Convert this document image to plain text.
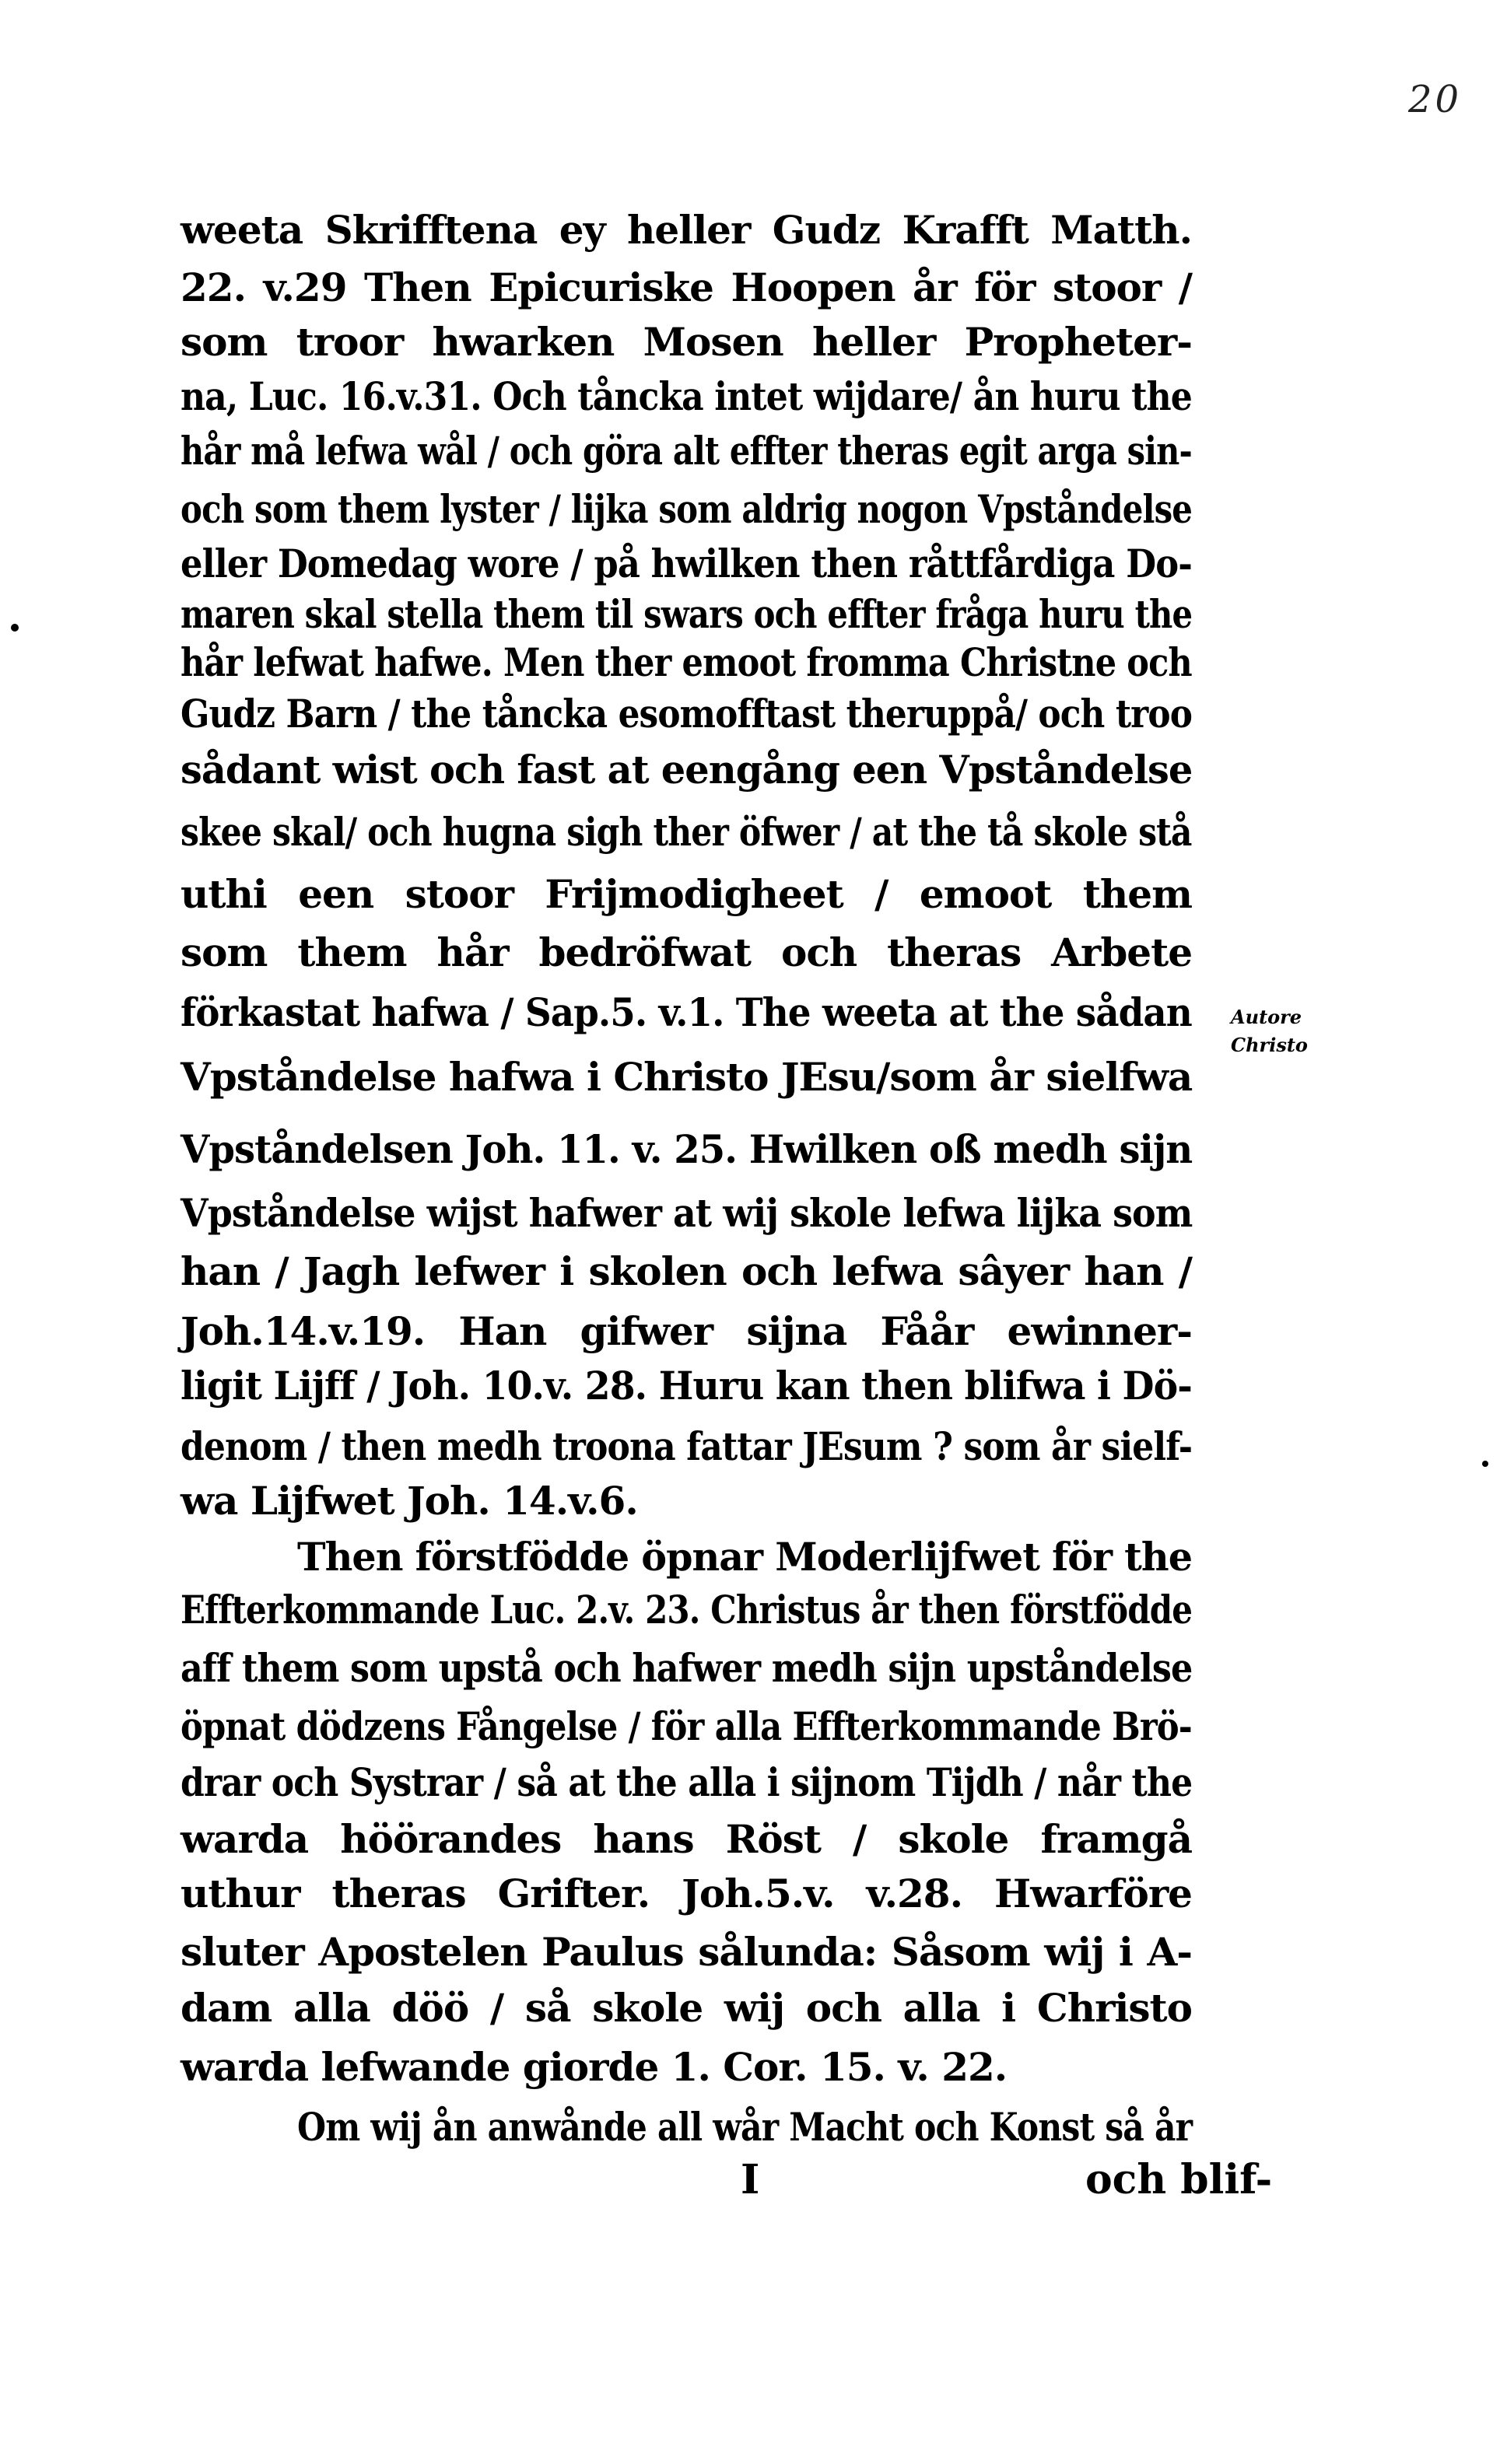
20
weeta Skrifftena ey heller Gudz Krafft Matth.
22. v.29 Then Epicuriske Hoopen år för stoor /
som troor hwarken Mosen heller Propheter-
na, Luc. 16.v.31. Och tåncka intet wijdare/ ån huru the
hår må lefwa wål / och göra alt effter theras egit arga sin-
och som them lyster / lijka som aldrig nogon Vpståndelse
eller Domedag wore / på hwilken then råttfårdiga Do-
maren skal stella them til swars och effter fråga huru the
hår lefwat hafwe. Men ther emoot fromma Christne och
Gudz Barn / the tåncka esomofftast theruppå/ och troo
sådant wist och fast at eengång een Vpståndelse
skee skal/ och hugna sigh ther öfwer / at the tå skole stå
uthi een stoor Frijmodigheet / emoot them
som them hår bedröfwat och theras Arbete
förkastat hafwa / Sap.5. v.1. The weeta at the sådan
Vpståndelse hafwa i Christo JEsu/som år sielfwa
Vpståndelsen Joh. 11. v. 25. Hwilken oß medh sijn
Vpståndelse wijst hafwer at wij skole lefwa lijka som
han / Jagh lefwer i skolen och lefwa sâyer han /
Joh.14.v.19. Han gifwer sijna Fåår ewinner-
ligit Lijff / Joh. 10.v. 28. Huru kan then blifwa i Dö-
denom / then medh troona fattar JEsum ? som år sielf-
wa Lijfwet Joh. 14.v.6.
Then förstfödde öpnar Moderlijfwet för the
Effterkommande Luc. 2.v. 23. Christus år then förstfödde
aff them som upstå och hafwer medh sijn upståndelse
öpnat dödzens Fångelse / för alla Effterkommande Brö-
drar och Systrar / så at the alla i sijnom Tijdh / når the
warda höörandes hans Röst / skole framgå
uthur theras Grifter. Joh.5.v. v.28. Hwarföre
sluter Apostelen Paulus sålunda: Såsom wij i A-
dam alla döö / så skole wij och alla i Christo
warda lefwande giorde 1. Cor. 15. v. 22.
Om wij ån anwånde all wår Macht och Konst så år
I	och blif-
Autore
Christo
